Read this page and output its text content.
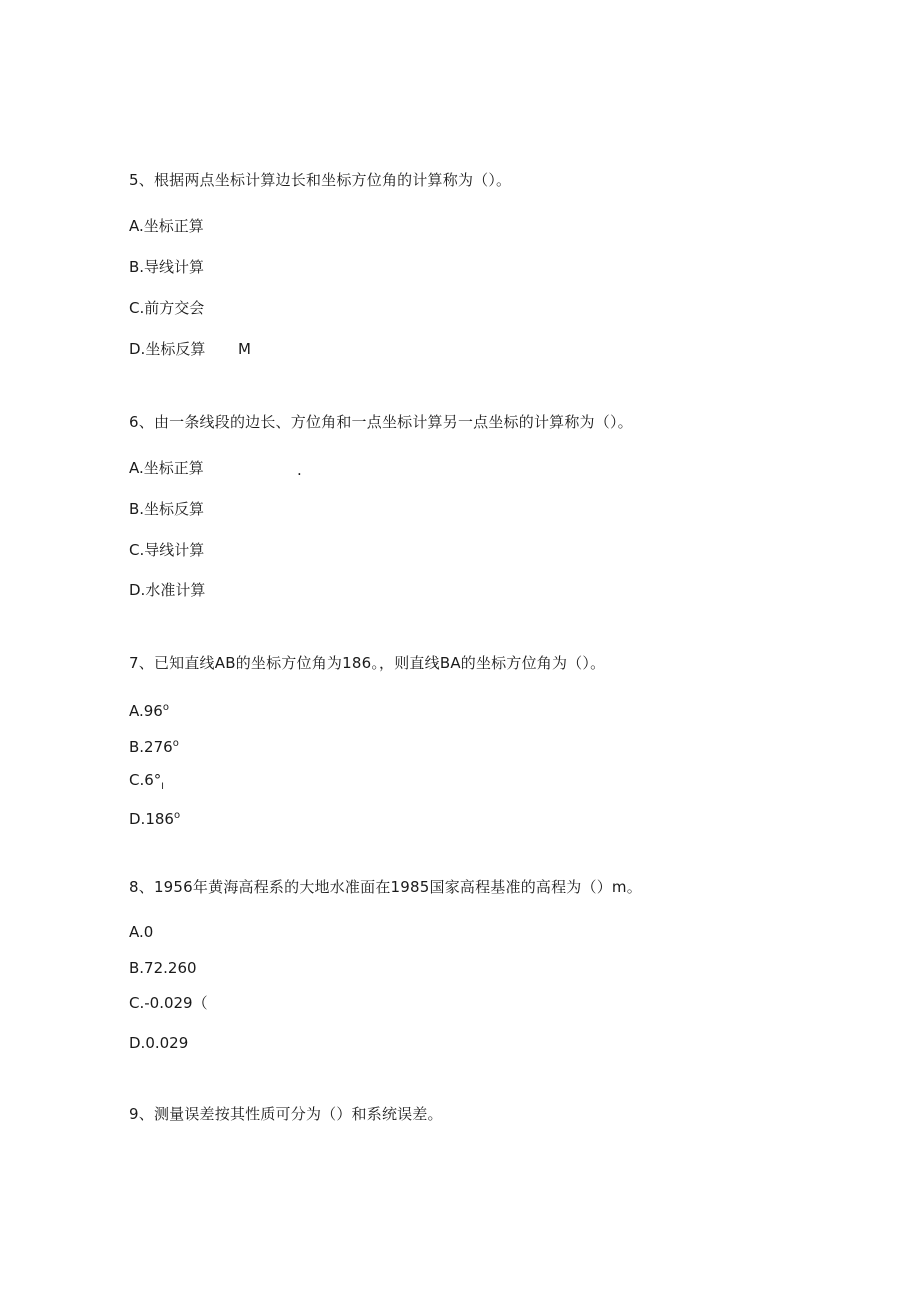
5、根据两点坐标计算边长和坐标方位角的计算称为（）。
A.坐标正算
B.导线计算
C.前方交会
D.坐标反算 M
6、由一条线段的边长、方位角和一点坐标计算另一点坐标的计算称为（）。
A.坐标正算	.
B.坐标反算
C.导线计算
D.水准计算
7、已知直线AB的坐标方位角为186。，则直线BA的坐标方位角为（）。
A.96$^o$
B.276$^o$
$C.6^\circ_I$
D.186$^o$
8、1956年黄海高程系的大地水准面在1985国家高程基准的高程为（）m。
A.0
B.72.260
C.-0.029（
D.0.029
9、测量误差按其性质可分为（）和系统误差。
